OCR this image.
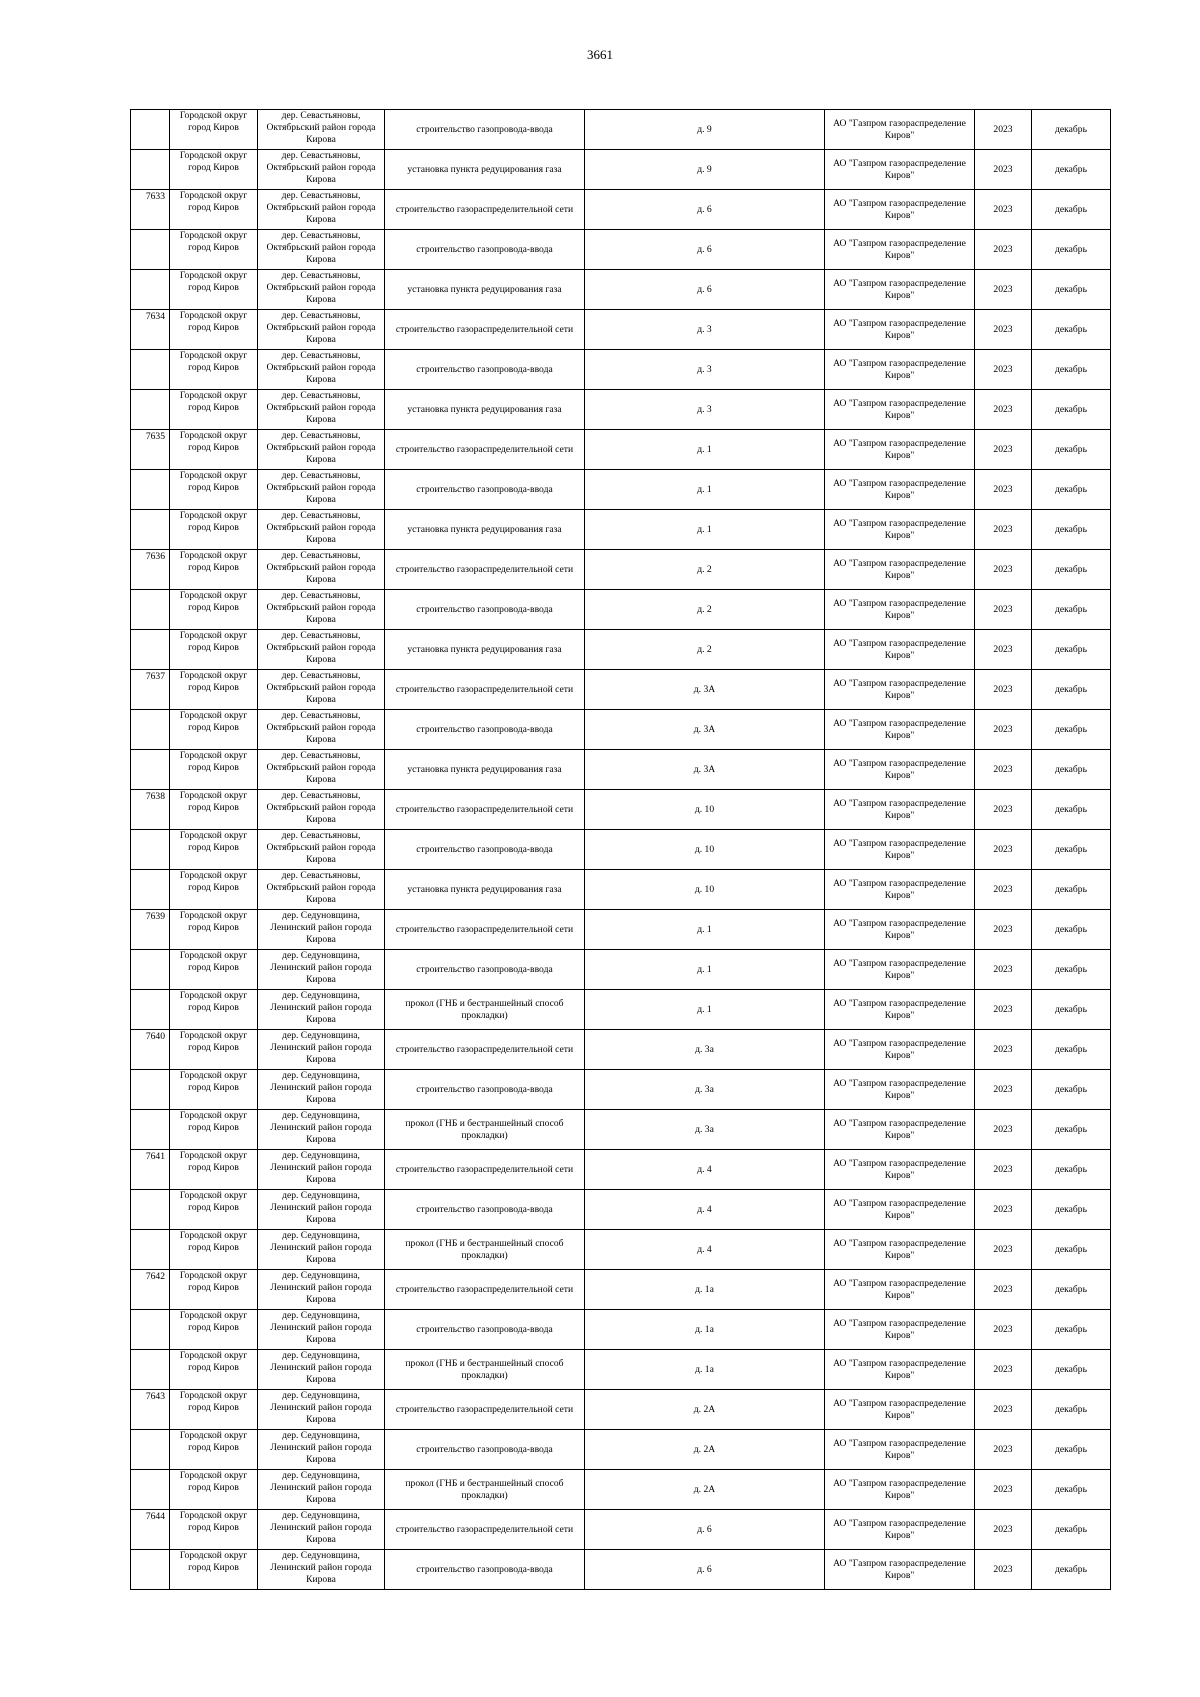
3661

	Городской округ город Киров	дер. Севастьяновы, Октябрьский район города Кирова	строительство газопровода-ввода	д. 9	АО "Газпром газораспределение Киров"	2023	декабрь

	Городской округ город Киров	дер. Севастьяновы, Октябрьский район города Кирова	установка пункта редуцирования газа	д. 9	АО "Газпром газораспределение Киров"	2023	декабрь

7633	Городской округ город Киров	дер. Севастьяновы, Октябрьский район города Кирова	строительство газораспределительной сети	д. 6	АО "Газпром газораспределение Киров"	2023	декабрь

	Городской округ город Киров	дер. Севастьяновы, Октябрьский район города Кирова	строительство газопровода-ввода	д. 6	АО "Газпром газораспределение Киров"	2023	декабрь

	Городской округ город Киров	дер. Севастьяновы, Октябрьский район города Кирова	установка пункта редуцирования газа	д. 6	АО "Газпром газораспределение Киров"	2023	декабрь

7634	Городской округ город Киров	дер. Севастьяновы, Октябрьский район города Кирова	строительство газораспределительной сети	д. 3	АО "Газпром газораспределение Киров"	2023	декабрь

	Городской округ город Киров	дер. Севастьяновы, Октябрьский район города Кирова	строительство газопровода-ввода	д. 3	АО "Газпром газораспределение Киров"	2023	декабрь

	Городской округ город Киров	дер. Севастьяновы, Октябрьский район города Кирова	установка пункта редуцирования газа	д. 3	АО "Газпром газораспределение Киров"	2023	декабрь

7635	Городской округ город Киров	дер. Севастьяновы, Октябрьский район города Кирова	строительство газораспределительной сети	д. 1	АО "Газпром газораспределение Киров"	2023	декабрь

	Городской округ город Киров	дер. Севастьяновы, Октябрьский район города Кирова	строительство газопровода-ввода	д. 1	АО "Газпром газораспределение Киров"	2023	декабрь

	Городской округ город Киров	дер. Севастьяновы, Октябрьский район города Кирова	установка пункта редуцирования газа	д. 1	АО "Газпром газораспределение Киров"	2023	декабрь

7636	Городской округ город Киров	дер. Севастьяновы, Октябрьский район города Кирова	строительство газораспределительной сети	д. 2	АО "Газпром газораспределение Киров"	2023	декабрь

	Городской округ город Киров	дер. Севастьяновы, Октябрьский район города Кирова	строительство газопровода-ввода	д. 2	АО "Газпром газораспределение Киров"	2023	декабрь

	Городской округ город Киров	дер. Севастьяновы, Октябрьский район города Кирова	установка пункта редуцирования газа	д. 2	АО "Газпром газораспределение Киров"	2023	декабрь

7637	Городской округ город Киров	дер. Севастьяновы, Октябрьский район города Кирова	строительство газораспределительной сети	д. 3А	АО "Газпром газораспределение Киров"	2023	декабрь

	Городской округ город Киров	дер. Севастьяновы, Октябрьский район города Кирова	строительство газопровода-ввода	д. 3А	АО "Газпром газораспределение Киров"	2023	декабрь

	Городской округ город Киров	дер. Севастьяновы, Октябрьский район города Кирова	установка пункта редуцирования газа	д. 3А	АО "Газпром газораспределение Киров"	2023	декабрь

7638	Городской округ город Киров	дер. Севастьяновы, Октябрьский район города Кирова	строительство газораспределительной сети	д. 10	АО "Газпром газораспределение Киров"	2023	декабрь

	Городской округ город Киров	дер. Севастьяновы, Октябрьский район города Кирова	строительство газопровода-ввода	д. 10	АО "Газпром газораспределение Киров"	2023	декабрь

	Городской округ город Киров	дер. Севастьяновы, Октябрьский район города Кирова	установка пункта редуцирования газа	д. 10	АО "Газпром газораспределение Киров"	2023	декабрь

7639	Городской округ город Киров	дер. Седуновщина, Ленинский район города Кирова	строительство газораспределительной сети	д. 1	АО "Газпром газораспределение Киров"	2023	декабрь

	Городской округ город Киров	дер. Седуновщина, Ленинский район города Кирова	строительство газопровода-ввода	д. 1	АО "Газпром газораспределение Киров"	2023	декабрь

	Городской округ город Киров	дер. Седуновщина, Ленинский район города Кирова	прокол (ГНБ и бестраншейный способ прокладки)	д. 1	АО "Газпром газораспределение Киров"	2023	декабрь

7640	Городской округ город Киров	дер. Седуновщина, Ленинский район города Кирова	строительство газораспределительной сети	д. 3а	АО "Газпром газораспределение Киров"	2023	декабрь

	Городской округ город Киров	дер. Седуновщина, Ленинский район города Кирова	строительство газопровода-ввода	д. 3а	АО "Газпром газораспределение Киров"	2023	декабрь

	Городской округ город Киров	дер. Седуновщина, Ленинский район города Кирова	прокол (ГНБ и бестраншейный способ прокладки)	д. 3а	АО "Газпром газораспределение Киров"	2023	декабрь

7641	Городской округ город Киров	дер. Седуновщина, Ленинский район города Кирова	строительство газораспределительной сети	д. 4	АО "Газпром газораспределение Киров"	2023	декабрь

	Городской округ город Киров	дер. Седуновщина, Ленинский район города Кирова	строительство газопровода-ввода	д. 4	АО "Газпром газораспределение Киров"	2023	декабрь

	Городской округ город Киров	дер. Седуновщина, Ленинский район города Кирова	прокол (ГНБ и бестраншейный способ прокладки)	д. 4	АО "Газпром газораспределение Киров"	2023	декабрь

7642	Городской округ город Киров	дер. Седуновщина, Ленинский район города Кирова	строительство газораспределительной сети	д. 1а	АО "Газпром газораспределение Киров"	2023	декабрь

	Городской округ город Киров	дер. Седуновщина, Ленинский район города Кирова	строительство газопровода-ввода	д. 1а	АО "Газпром газораспределение Киров"	2023	декабрь

	Городской округ город Киров	дер. Седуновщина, Ленинский район города Кирова	прокол (ГНБ и бестраншейный способ прокладки)	д. 1а	АО "Газпром газораспределение Киров"	2023	декабрь

7643	Городской округ город Киров	дер. Седуновщина, Ленинский район города Кирова	строительство газораспределительной сети	д. 2А	АО "Газпром газораспределение Киров"	2023	декабрь

	Городской округ город Киров	дер. Седуновщина, Ленинский район города Кирова	строительство газопровода-ввода	д. 2А	АО "Газпром газораспределение Киров"	2023	декабрь

	Городской округ город Киров	дер. Седуновщина, Ленинский район города Кирова	прокол (ГНБ и бестраншейный способ прокладки)	д. 2А	АО "Газпром газораспределение Киров"	2023	декабрь

7644	Городской округ город Киров	дер. Седуновщина, Ленинский район города Кирова	строительство газораспределительной сети	д. 6	АО "Газпром газораспределение Киров"	2023	декабрь

	Городской округ город Киров	дер. Седуновщина, Ленинский район города Кирова	строительство газопровода-ввода	д. 6	АО "Газпром газораспределение Киров"	2023	декабрь
